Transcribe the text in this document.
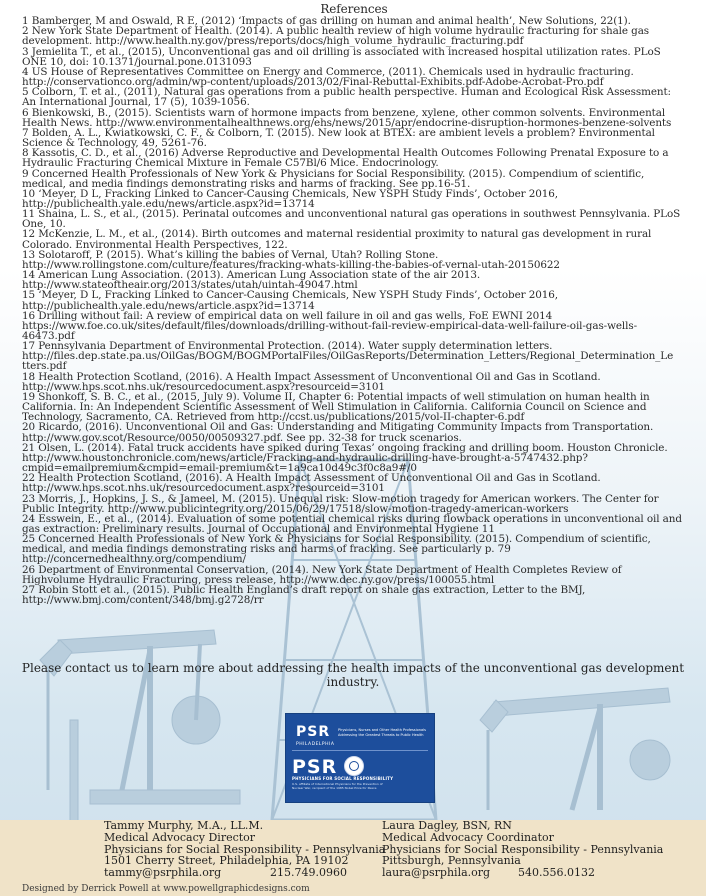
References
1 Bamberger, M and Oswald, R E, (2012) ‘Impacts of gas drilling on human and animal health’, New Solutions, 22(1).
2 New York State Department of Health. (2014). A public health review of high volume hydraulic fracturing for shale gas development. http://www.health.ny.gov/press/reports/docs/high_volume_hydraulic_fracturing.pdf
3 Jemielita T., et al., (2015), Unconventional gas and oil drilling is associated with increased hospital utilization rates. PLoS ONE 10, doi: 10.1371/journal.pone.0131093
4 US House of Representatives Committee on Energy and Commerce, (2011). Chemicals used in hydraulic fracturing. http://conservationco.org/admin/wp-content/uploads/2013/02/Final-Rebuttal-Exhibits.pdf-Adobe-Acrobat-Pro.pdf
5 Colborn, T. et al., (2011), Natural gas operations from a public health perspective. Human and Ecological Risk Assessment: An International Journal, 17 (5), 1039-1056.
6 Bienkowski, B., (2015). Scientists warn of hormone impacts from benzene, xylene, other common solvents. Environmental Health News. http://www.environmentalhealthnews.org/ehs/news/2015/apr/endocrine-disruption-hormones-benzene-solvents
7 Bolden, A. L., Kwiatkowski, C. F., & Colborn, T. (2015). New look at BTEX: are ambient levels a problem? Environmental Science & Technology, 49, 5261-76.
8 Kassotis, C. D., et al., (2016) Adverse Reproductive and Developmental Health Outcomes Following Prenatal Exposure to a Hydraulic Fracturing Chemical Mixture in Female C57Bl/6 Mice. Endocrinology.
9 Concerned Health Professionals of New York & Physicians for Social Responsibility. (2015). Compendium of scientific, medical, and media findings demonstrating risks and harms of fracking. See pp.16-51.
10 ‘Meyer, D L, Fracking Linked to Cancer-Causing Chemicals, New YSPH Study Finds’, October 2016, http://publichealth.yale.edu/news/article.aspx?id=13714
11 Shaina, L. S., et al., (2015). Perinatal outcomes and unconventional natural gas operations in southwest Pennsylvania. PLoS One, 10.
12 McKenzie, L. M., et al., (2014). Birth outcomes and maternal residential proximity to natural gas development in rural Colorado. Environmental Health Perspectives, 122.
13 Solotaroff, P. (2015). What’s killing the babies of Vernal, Utah? Rolling Stone. http://www.rollingstone.com/culture/features/fracking-whats-killing-the-babies-of-vernal-utah-20150622
14 American Lung Association. (2013). American Lung Association state of the air 2013. http://www.stateoftheair.org/2013/states/utah/uintah-49047.html
15 ‘Meyer, D L, Fracking Linked to Cancer-Causing Chemicals, New YSPH Study Finds’, October 2016, http://publichealth.yale.edu/news/article.aspx?id=13714
16 Drilling without fail: A review of empirical data on well failure in oil and gas wells, FoE EWNI 2014 https://www.foe.co.uk/sites/default/files/downloads/drilling-without-fail-review-empirical-data-well-failure-oil-gas-wells- 46473.pdf
17 Pennsylvania Department of Environmental Protection. (2014). Water supply determination letters. http://files.dep.state.pa.us/OilGas/BOGM/BOGMPortalFiles/OilGasReports/Determination_Letters/Regional_Determination_Le tters.pdf
18 Health Protection Scotland, (2016). A Health Impact Assessment of Unconventional Oil and Gas in Scotland. http://www.hps.scot.nhs.uk/resourcedocument.aspx?resourceid=3101
19 Shonkoff, S. B. C., et al., (2015, July 9). Volume II, Chapter 6: Potential impacts of well stimulation on human health in California. In: An Independent Scientific Assessment of Well Stimulation in California. California Council on Science and Technology, Sacramento, CA. Retrieved from http://ccst.us/publications/2015/vol-II-chapter-6.pdf
20 Ricardo, (2016). Unconventional Oil and Gas: Understanding and Mitigating Community Impacts from Transportation. http://www.gov.scot/Resource/0050/00509327.pdf. See pp. 32-38 for truck scenarios.
21 Olsen, L. (2014). Fatal truck accidents have spiked during Texas’ ongoing fracking and drilling boom. Houston Chronicle. http://www.houstonchronicle.com/news/article/Fracking-and-hydraulic-drilling-have-brought-a-5747432.php?cmpid=emailpremium&cmpid=email-premium&t=1a9ca10d49c3f0c8a9#/0
22 Health Protection Scotland, (2016). A Health Impact Assessment of Unconventional Oil and Gas in Scotland. http://www.hps.scot.nhs.uk/resourcedocument.aspx?resourceid=3101
23 Morris, J., Hopkins, J. S., & Jameel, M. (2015). Unequal risk: Slow-motion tragedy for American workers. The Center for Public Integrity. http://www.publicintegrity.org/2015/06/29/17518/slow-motion-tragedy-american-workers
24 Esswein, E., et al., (2014). Evaluation of some potential chemical risks during flowback operations in unconventional oil and gas extraction: Preliminary results. Journal of Occupational and Environmental Hygiene 11
25 Concerned Health Professionals of New York & Physicians for Social Responsibility. (2015). Compendium of scientific, medical, and media findings demonstrating risks and harms of fracking. See particularly p. 79 http://concernedhealthny.org/compendium/
26 Department of Environmental Conservation, (2014). New York State Department of Health Completes Review of Highvolume Hydraulic Fracturing, press release, http://www.dec.ny.gov/press/100055.html
27 Robin Stott et al., (2015). Public Health England’s draft report on shale gas extraction, Letter to the BMJ, http://www.bmj.com/content/348/bmj.g2728/rr
Please contact us to learn more about addressing the health impacts of the unconventional gas development industry.
PSR
PHILADELPHIA
Physicians, Nurses and Other Health Professionals Addressing the Greatest Threats to Public Health
PSR
PHYSICIANS FOR SOCIAL RESPONSIBILITY
U.S. affiliate of International Physicians for the Prevention of Nuclear War, recipient of the 1985 Nobel Prize for Peace
Tammy Murphy, M.A., LL.M.
Medical Advocacy Director
Physicians for Social Responsibility - Pennsylvania
1501 Cherry Street, Philadelphia, PA 19102
tammy@psrphila.org	215.749.0960
Laura Dagley, BSN, RN
Medical Advocacy Coordinator
Physicians for Social Responsibility - Pennsylvania
Pittsburgh, Pennsylvania
laura@psrphila.org	540.556.0132
Designed by Derrick Powell at www.powellgraphicdesigns.com
